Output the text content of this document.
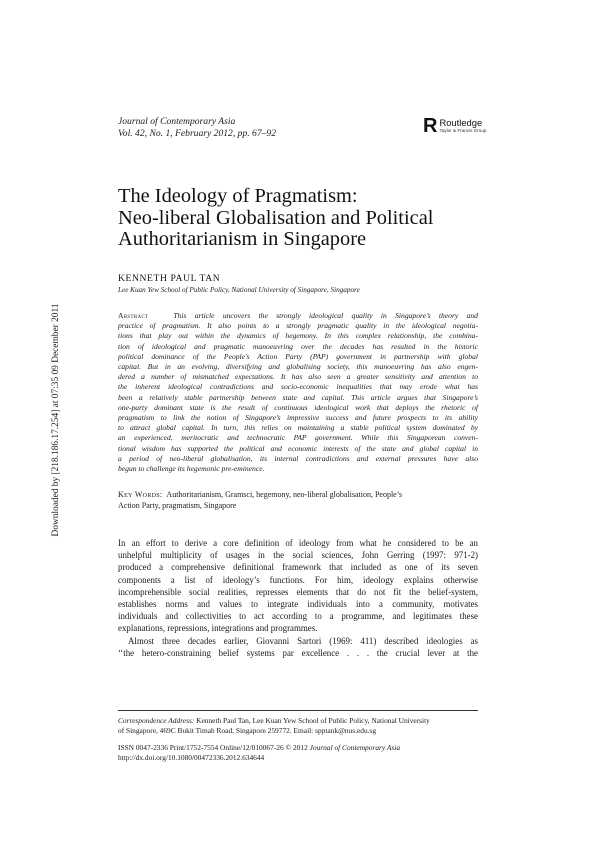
Downloaded by [218.186.17.254] at 07:35 09 December 2011
Journal of Contemporary Asia
Vol. 42, No. 1, February 2012, pp. 67–92	R Routledge
Taylor & Francis Group
The Ideology of Pragmatism:
Neo-liberal Globalisation and Political
Authoritarianism in Singapore
KENNETH PAUL TAN
Lee Kuan Yew School of Public Policy, National University of Singapore, Singapore
Abstract	This article uncovers the strongly ideological quality in Singapore’s theory and
practice of pragmatism. It also points to a strongly pragmatic quality in the ideological negotia-
tions that play out within the dynamics of hegemony. In this complex relationship, the combina-
tion of ideological and pragmatic manoeuvring over the decades has resulted in the historic
political dominance of the People’s Action Party (PAP) government in partnership with global
capital. But in an evolving, diversifying and globalising society, this manoeuvring has also engen-
dered a number of mismatched expectations. It has also seen a greater sensitivity and attention to
the inherent ideological contradictions and socio-economic inequalities that may erode what has
been a relatively stable partnership between state and capital. This article argues that Singapore’s
one-party dominant state is the result of continuous ideological work that deploys the rhetoric of
pragmatism to link the notion of Singapore’s impressive success and future prospects to its ability
to attract global capital. In turn, this relies on maintaining a stable political system dominated by
an experienced, meritocratic and technocratic PAP government. While this Singaporean conven-
tional wisdom has supported the political and economic interests of the state and global capital in
a period of neo-liberal globalisation, its internal contradictions and external pressures have also
begun to challenge its hegemonic pre-eminence.
Key Words: Authoritarianism, Gramsci, hegemony, neo-liberal globalisation, People’s
Action Party, pragmatism, Singapore
In an effort to derive a core definition of ideology from what he considered to be an
unhelpful multiplicity of usages in the social sciences, John Gerring (1997: 971-2)
produced a comprehensive definitional framework that included as one of its seven
components a list of ideology’s functions. For him, ideology explains otherwise
incomprehensible social realities, represses elements that do not fit the belief-system,
establishes norms and values to integrate individuals into a community, motivates
individuals and collectivities to act according to a programme, and legitimates these
explanations, repressions, integrations and programmes.
Almost three decades earlier, Giovanni Sartori (1969: 411) described ideologies as
‘‘the hetero-constraining belief systems par excellence . . . the crucial lever at the
Correspondence Address: Kenneth Paul Tan, Lee Kuan Yew School of Public Policy, National University
of Singapore, 469C Bukit Timah Road, Singapore 259772. Email: spptank@nus.edu.sg
ISSN 0047-2336 Print/1752-7554 Online/12/010067-26 © 2012 Journal of Contemporary Asia
http://dx.doi.org/10.1080/00472336.2012.634644
